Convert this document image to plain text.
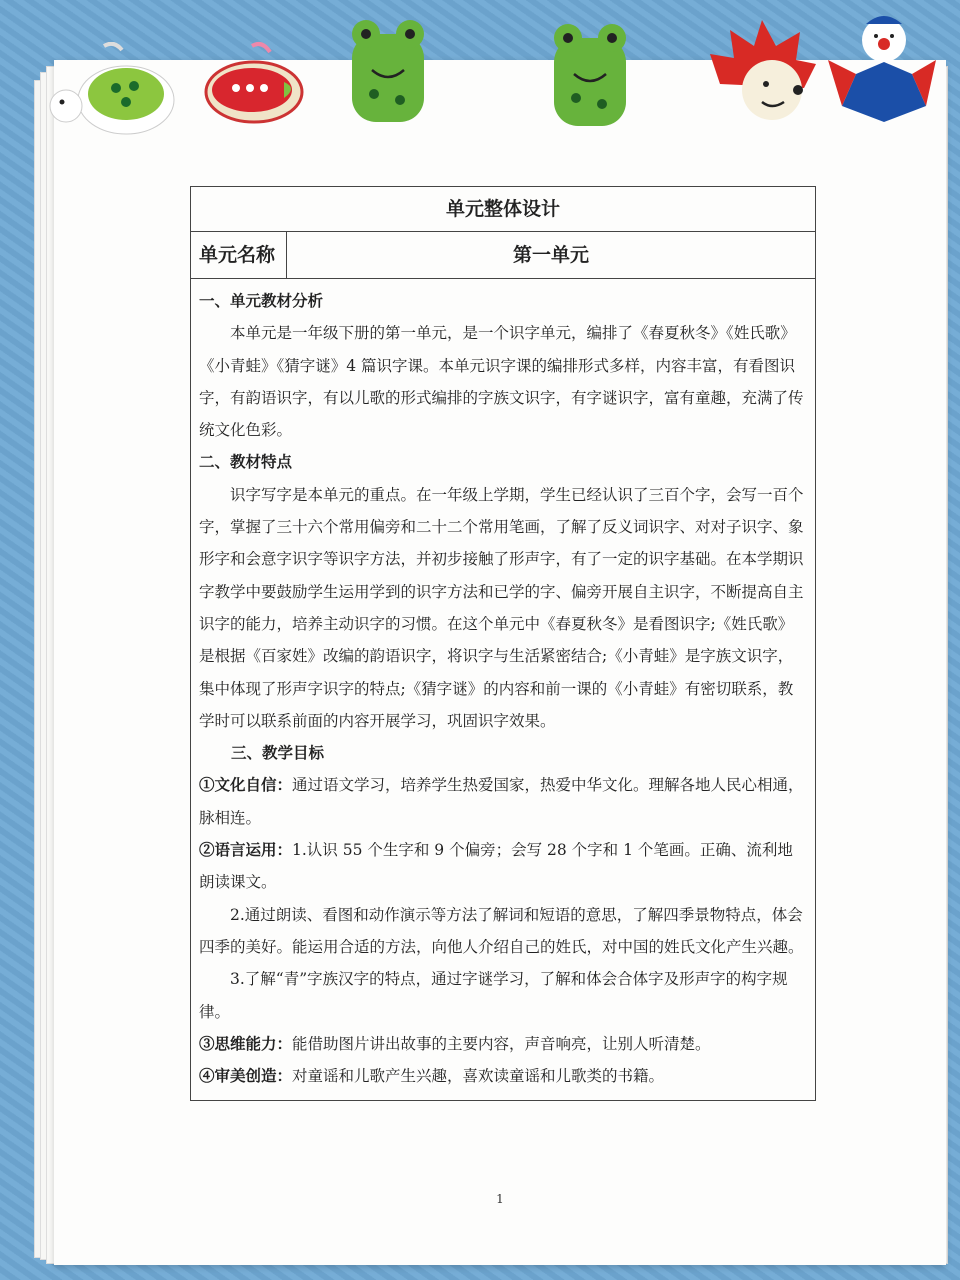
单元整体设计
单元名称	第一单元

一、单元教材分析

本单元是一年级下册的第一单元，是一个识字单元，编排了《春夏秋冬》《姓氏歌》《小青蛙》《猜字谜》4 篇识字课。本单元识字课的编排形式多样，内容丰富，有看图识字，有韵语识字，有以儿歌的形式编排的字族文识字，有字谜识字，富有童趣，充满了传统文化色彩。

二、教材特点

识字写字是本单元的重点。在一年级上学期，学生已经认识了三百个字，会写一百个字，掌握了三十六个常用偏旁和二十二个常用笔画，了解了反义词识字、对对子识字、象形字和会意字识字等识字方法，并初步接触了形声字，有了一定的识字基础。在本学期识字教学中要鼓励学生运用学到的识字方法和已学的字、偏旁开展自主识字，不断提高自主识字的能力，培养主动识字的习惯。在这个单元中《春夏秋冬》是看图识字;《姓氏歌》是根据《百家姓》改编的韵语识字，将识字与生活紧密结合;《小青蛙》是字族文识字，集中体现了形声字识字的特点;《猜字谜》的内容和前一课的《小青蛙》有密切联系，教学时可以联系前面的内容开展学习，巩固识字效果。

三、教学目标

①文化自信：通过语文学习，培养学生热爱国家，热爱中华文化。理解各地人民心相通，脉相连。

②语言运用：1.认识 55 个生字和 9 个偏旁；会写 28 个字和 1 个笔画。正确、流利地朗读课文。

2.通过朗读、看图和动作演示等方法了解词和短语的意思，了解四季景物特点，体会四季的美好。能运用合适的方法，向他人介绍自己的姓氏，对中国的姓氏文化产生兴趣。

3.了解“青”字族汉字的特点，通过字谜学习，了解和体会合体字及形声字的构字规律。

③思维能力：能借助图片讲出故事的主要内容，声音响亮，让别人听清楚。

④审美创造：对童谣和儿歌产生兴趣，喜欢读童谣和儿歌类的书籍。

1
